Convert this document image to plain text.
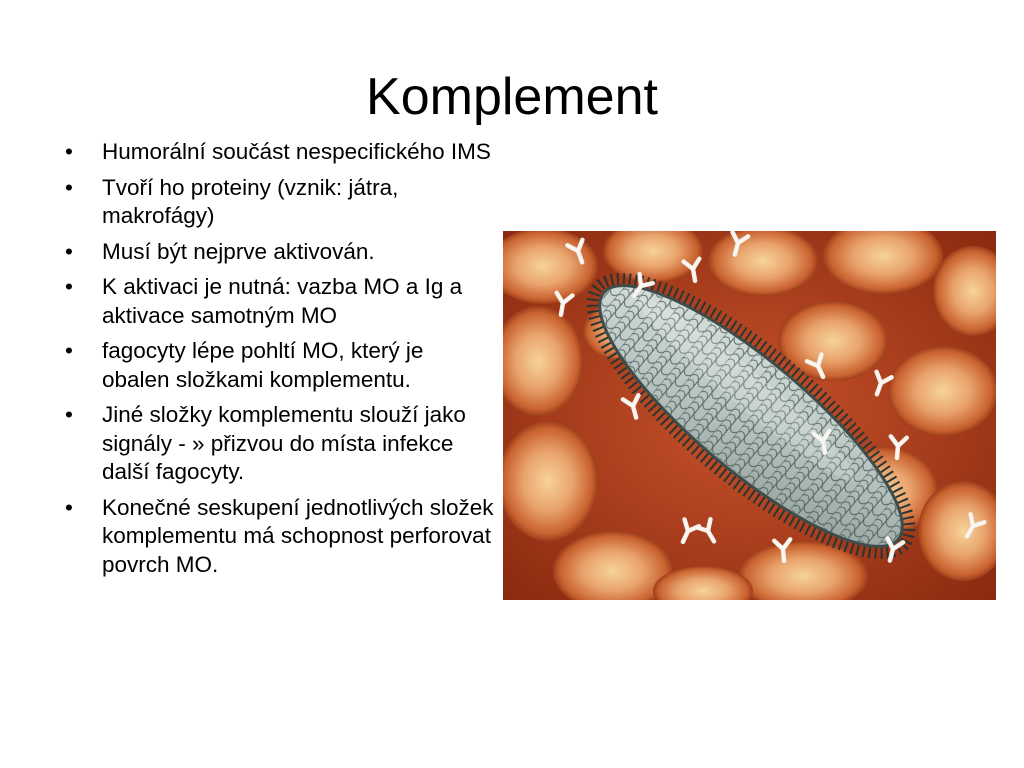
Komplement
• Humorální součást nespecifického IMS
• Tvoří ho proteiny (vznik: játra, makrofágy)
• Musí být nejprve aktivován.
• K aktivaci je nutná: vazba MO a Ig a aktivace samotným MO
• fagocyty lépe pohltí MO, který je obalen složkami komplementu.
• Jiné složky komplementu slouží jako signály - » přizvou do místa infekce další fagocyty.
• Konečné seskupení jednotlivých složek komplementu má schopnost perforovat povrch MO.
